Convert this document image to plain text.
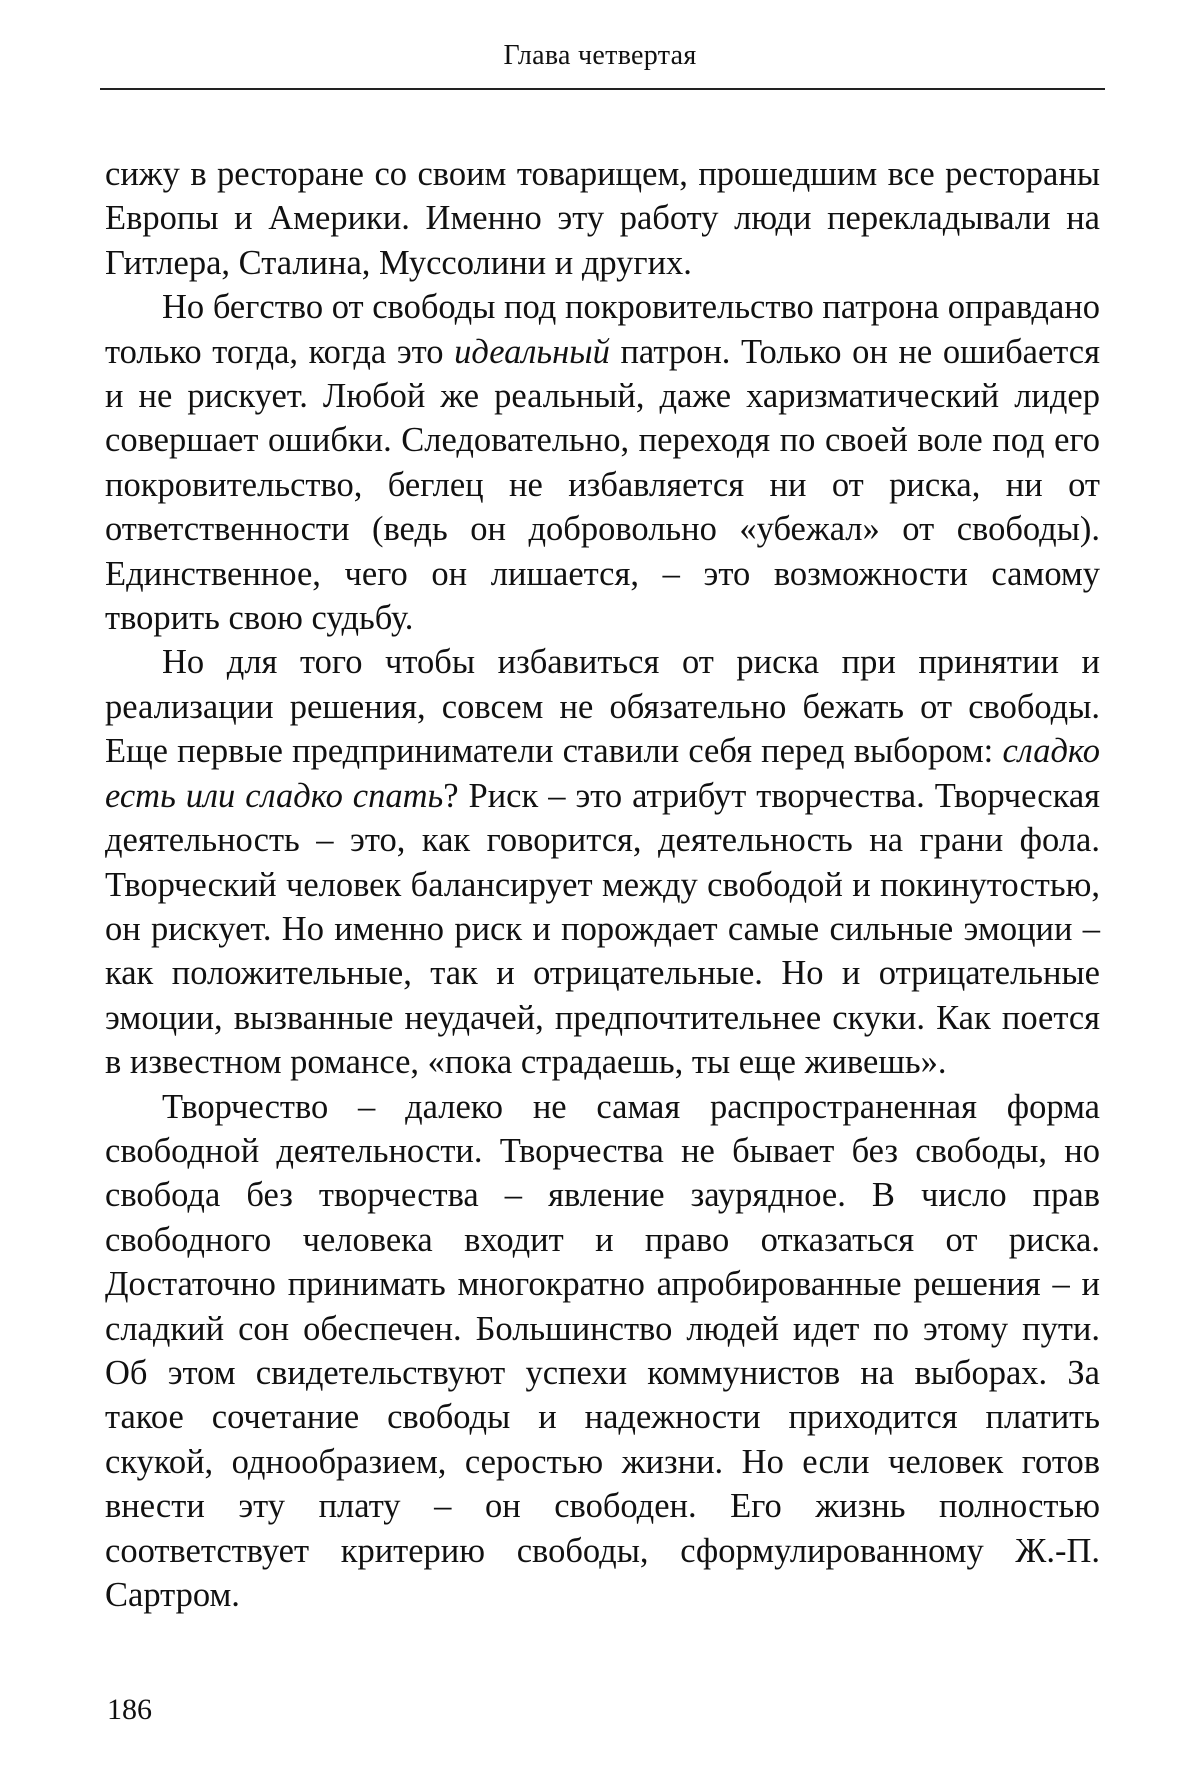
Глава четвертая

сижу в ресторане со своим товарищем, прошедшим все рестораны Европы и Америки. Именно эту работу люди перекладывали на Гитлера, Сталина, Муссолини и других.

Но бегство от свободы под покровительство патрона оправдано только тогда, когда это идеальный патрон. Только он не ошибается и не рискует. Любой же реальный, даже харизматический лидер совершает ошибки. Следовательно, переходя по своей воле под его покровительство, беглец не избавляется ни от риска, ни от ответственности (ведь он добровольно «убежал» от свободы). Единственное, чего он лишается, – это возможности самому творить свою судьбу.

Но для того чтобы избавиться от риска при принятии и реализации решения, совсем не обязательно бежать от свободы. Еще первые предприниматели ставили себя перед выбором: сладко есть или сладко спать? Риск – это атрибут творчества. Творческая деятельность – это, как говорится, деятельность на грани фола. Творческий человек балансирует между свободой и покинутостью, он рискует. Но именно риск и порождает самые сильные эмоции – как положительные, так и отрицательные. Но и отрицательные эмоции, вызванные неудачей, предпочтительнее скуки. Как поется в известном романсе, «пока страдаешь, ты еще живешь».

Творчество – далеко не самая распространенная форма свободной деятельности. Творчества не бывает без свободы, но свобода без творчества – явление заурядное. В число прав свободного человека входит и право отказаться от риска. Достаточно принимать многократно апробированные решения – и сладкий сон обеспечен. Большинство людей идет по этому пути. Об этом свидетельствуют успехи коммунистов на выборах. За такое сочетание свободы и надежности приходится платить скукой, однообразием, серостью жизни. Но если человек готов внести эту плату – он свободен. Его жизнь полностью соответствует критерию свободы, сформулированному Ж.-П. Сартром.

186
